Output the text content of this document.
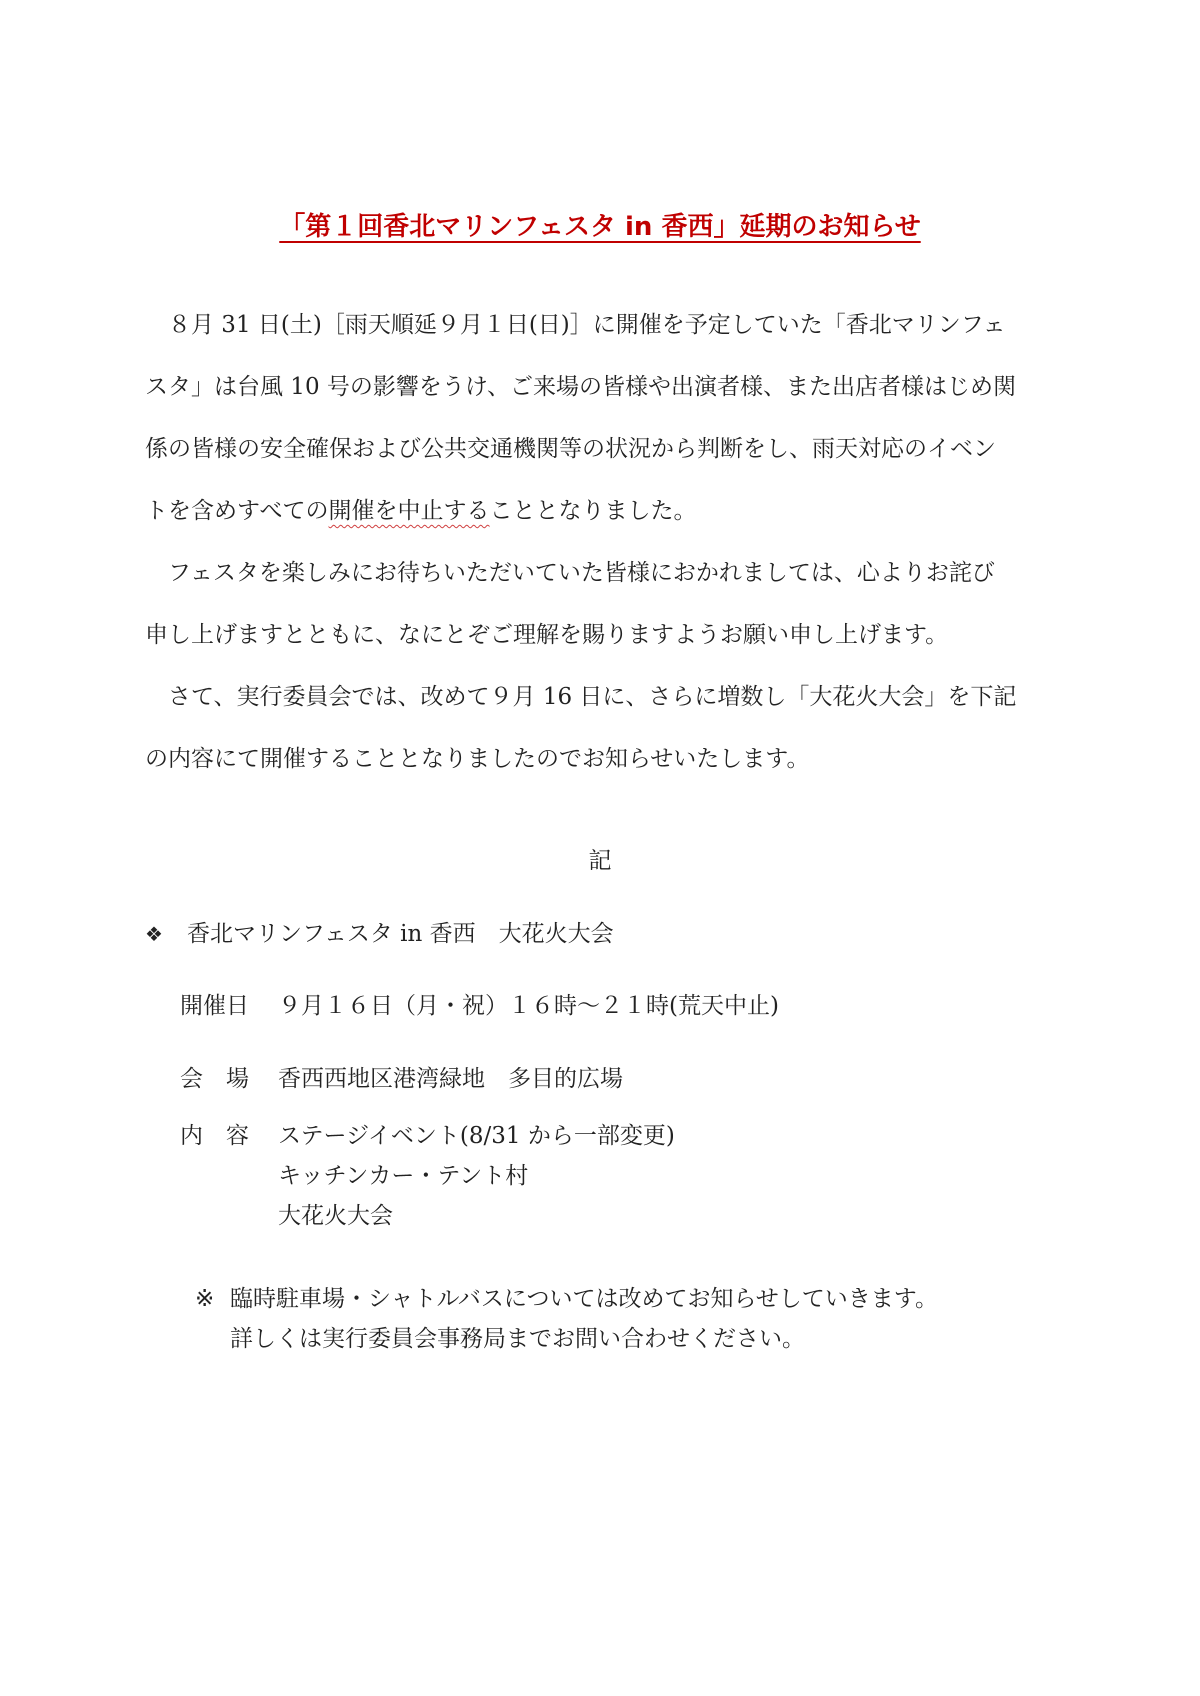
「第１回香北マリンフェスタ in 香西」延期のお知らせ
８月 31 日(土)［雨天順延９月１日(日)］に開催を予定していた「香北マリンフェ
スタ」は台風 10 号の影響をうけ、ご来場の皆様や出演者様、また出店者様はじめ関
係の皆様の安全確保および公共交通機関等の状況から判断をし、雨天対応のイベン
トを含めすべての開催を中止することとなりました。
フェスタを楽しみにお待ちいただいていた皆様におかれましては、心よりお詫び
申し上げますとともに、なにとぞご理解を賜りますようお願い申し上げます。
さて、実行委員会では、改めて９月 16 日に、さらに増数し「大花火大会」を下記
の内容にて開催することとなりましたのでお知らせいたします。
記
❖ 香北マリンフェスタ in 香西　大花火大会
開催日 ９月１６日（月・祝）１６時～２１時(荒天中止)
会　場 香西西地区港湾緑地　多目的広場
内　容 ステージイベント(8/31 から一部変更)
キッチンカー・テント村
大花火大会
※ 臨時駐車場・シャトルバスについては改めてお知らせしていきます。
詳しくは実行委員会事務局までお問い合わせください。
